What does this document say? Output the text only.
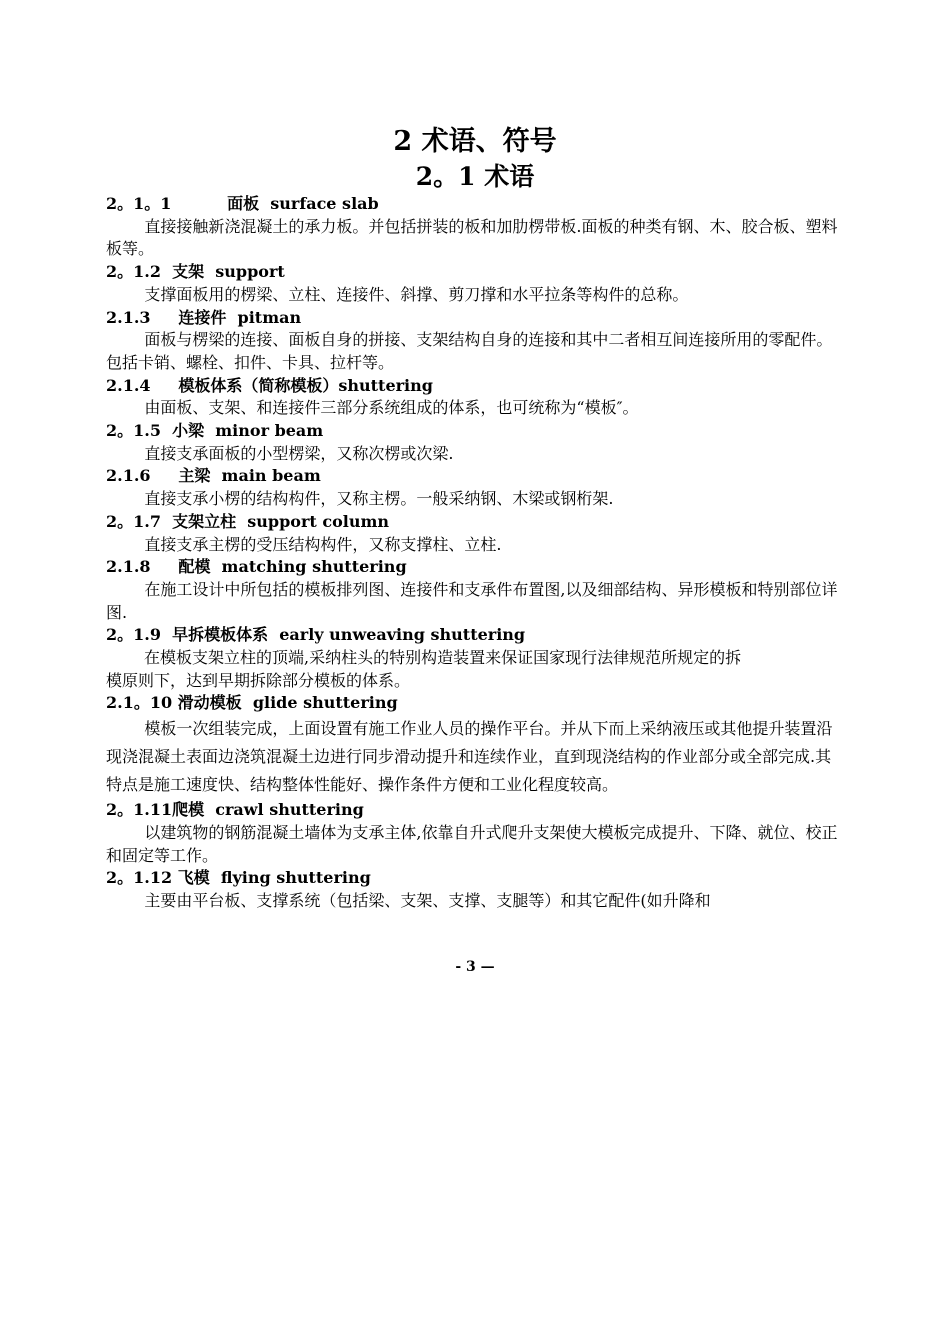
2 术语、符号
2。1 术语
2。1。1          面板  surface slab

直接接触新浇混凝土的承力板。并包括拼装的板和加肋楞带板.面板的种类有钢、木、胶合板、塑料板等。

2。1.2  支架  support

支撑面板用的楞梁、立柱、连接件、斜撑、剪刀撑和水平拉条等构件的总称。

2.1.3     连接件  pitman

面板与楞梁的连接、面板自身的拼接、支架结构自身的连接和其中二者相互间连接所用的零配件。包括卡销、螺栓、扣件、卡具、拉杆等。

2.1.4     模板体系（简称模板）shuttering

由面板、支架、和连接件三部分系统组成的体系，也可统称为“模板″。

2。1.5  小梁  minor beam

直接支承面板的小型楞梁，又称次楞或次梁.

2.1.6     主梁  main beam

直接支承小楞的结构构件，又称主楞。一般采纳钢、木梁或钢桁架.

2。1.7  支架立柱  support column

直接支承主楞的受压结构构件，又称支撑柱、立柱.

2.1.8     配模  matching shuttering

在施工设计中所包括的模板排列图、连接件和支承件布置图,以及细部结构、异形模板和特别部位详图.

2。1.9  早拆模板体系  early unweaving shuttering

在模板支架立柱的顶端,采纳柱头的特别构造装置来保证国家现行法律规范所规定的拆

模原则下，达到早期拆除部分模板的体系。

2.1。10 滑动模板  glide shuttering

模板一次组装完成，上面设置有施工作业人员的操作平台。并从下而上采纳液压或其他提升装置沿现浇混凝土表面边浇筑混凝土边进行同步滑动提升和连续作业，直到现浇结构的作业部分或全部完成.其特点是施工速度快、结构整体性能好、操作条件方便和工业化程度较高。

2。1.11爬模  crawl shuttering

以建筑物的钢筋混凝土墙体为支承主体,依靠自升式爬升支架使大模板完成提升、下降、就位、校正和固定等工作。

2。1.12 飞模  flying shuttering

主要由平台板、支撑系统（包括梁、支架、支撑、支腿等）和其它配件(如升降和

- 3 —
